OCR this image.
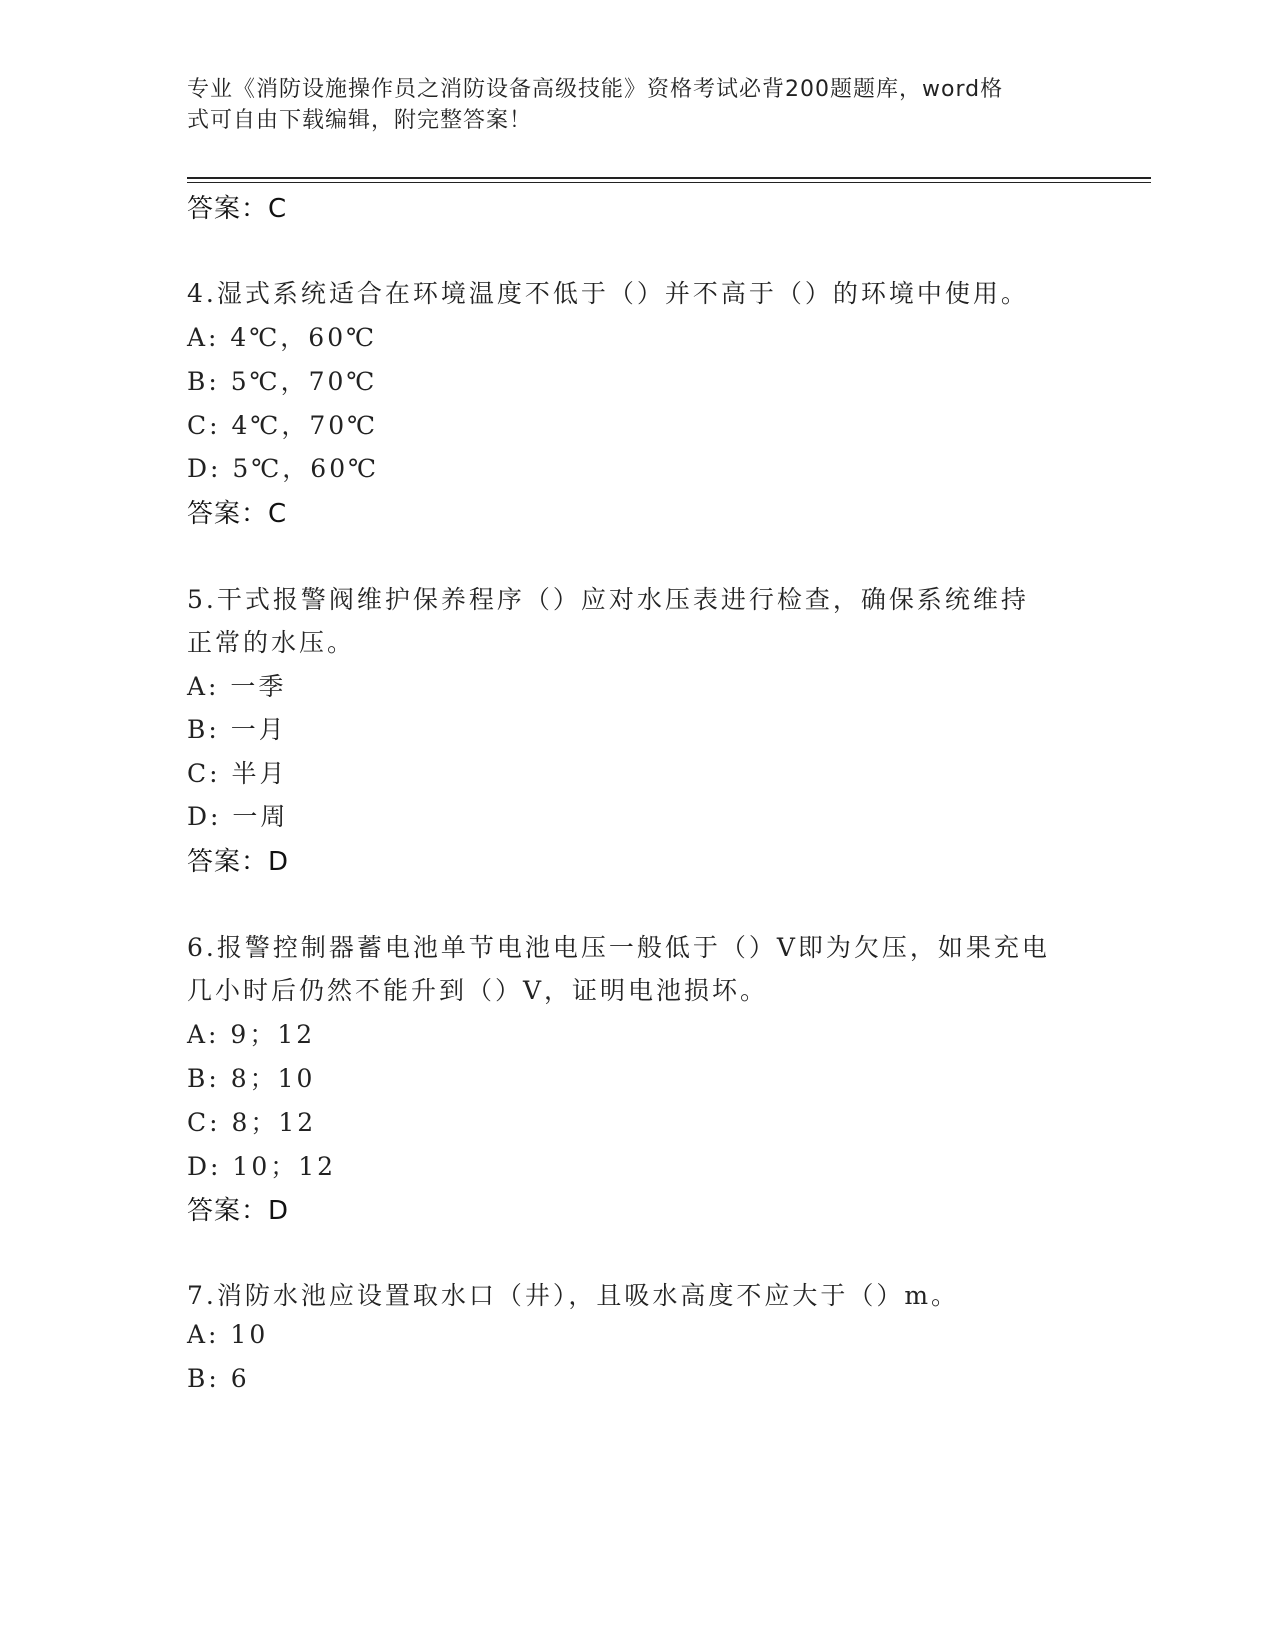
专业《消防设施操作员之消防设备高级技能》资格考试必背200题题库，word格
式可自由下载编辑，附完整答案！
答案：C
4.湿式系统适合在环境温度不低于（）并不高于（）的环境中使用。
A: 4℃，60℃
B: 5℃，70℃
C: 4℃，70℃
D: 5℃，60℃
答案：C
5.干式报警阀维护保养程序（）应对水压表进行检查，确保系统维持
正常的水压。
A: 一季
B: 一月
C: 半月
D: 一周
答案：D
6.报警控制器蓄电池单节电池电压一般低于（）V即为欠压，如果充电
几小时后仍然不能升到（）V，证明电池损坏。
A: 9；12
B: 8；10
C: 8；12
D: 10；12
答案：D
7.消防水池应设置取水口（井），且吸水高度不应大于（）m。
A: 10
B: 6
